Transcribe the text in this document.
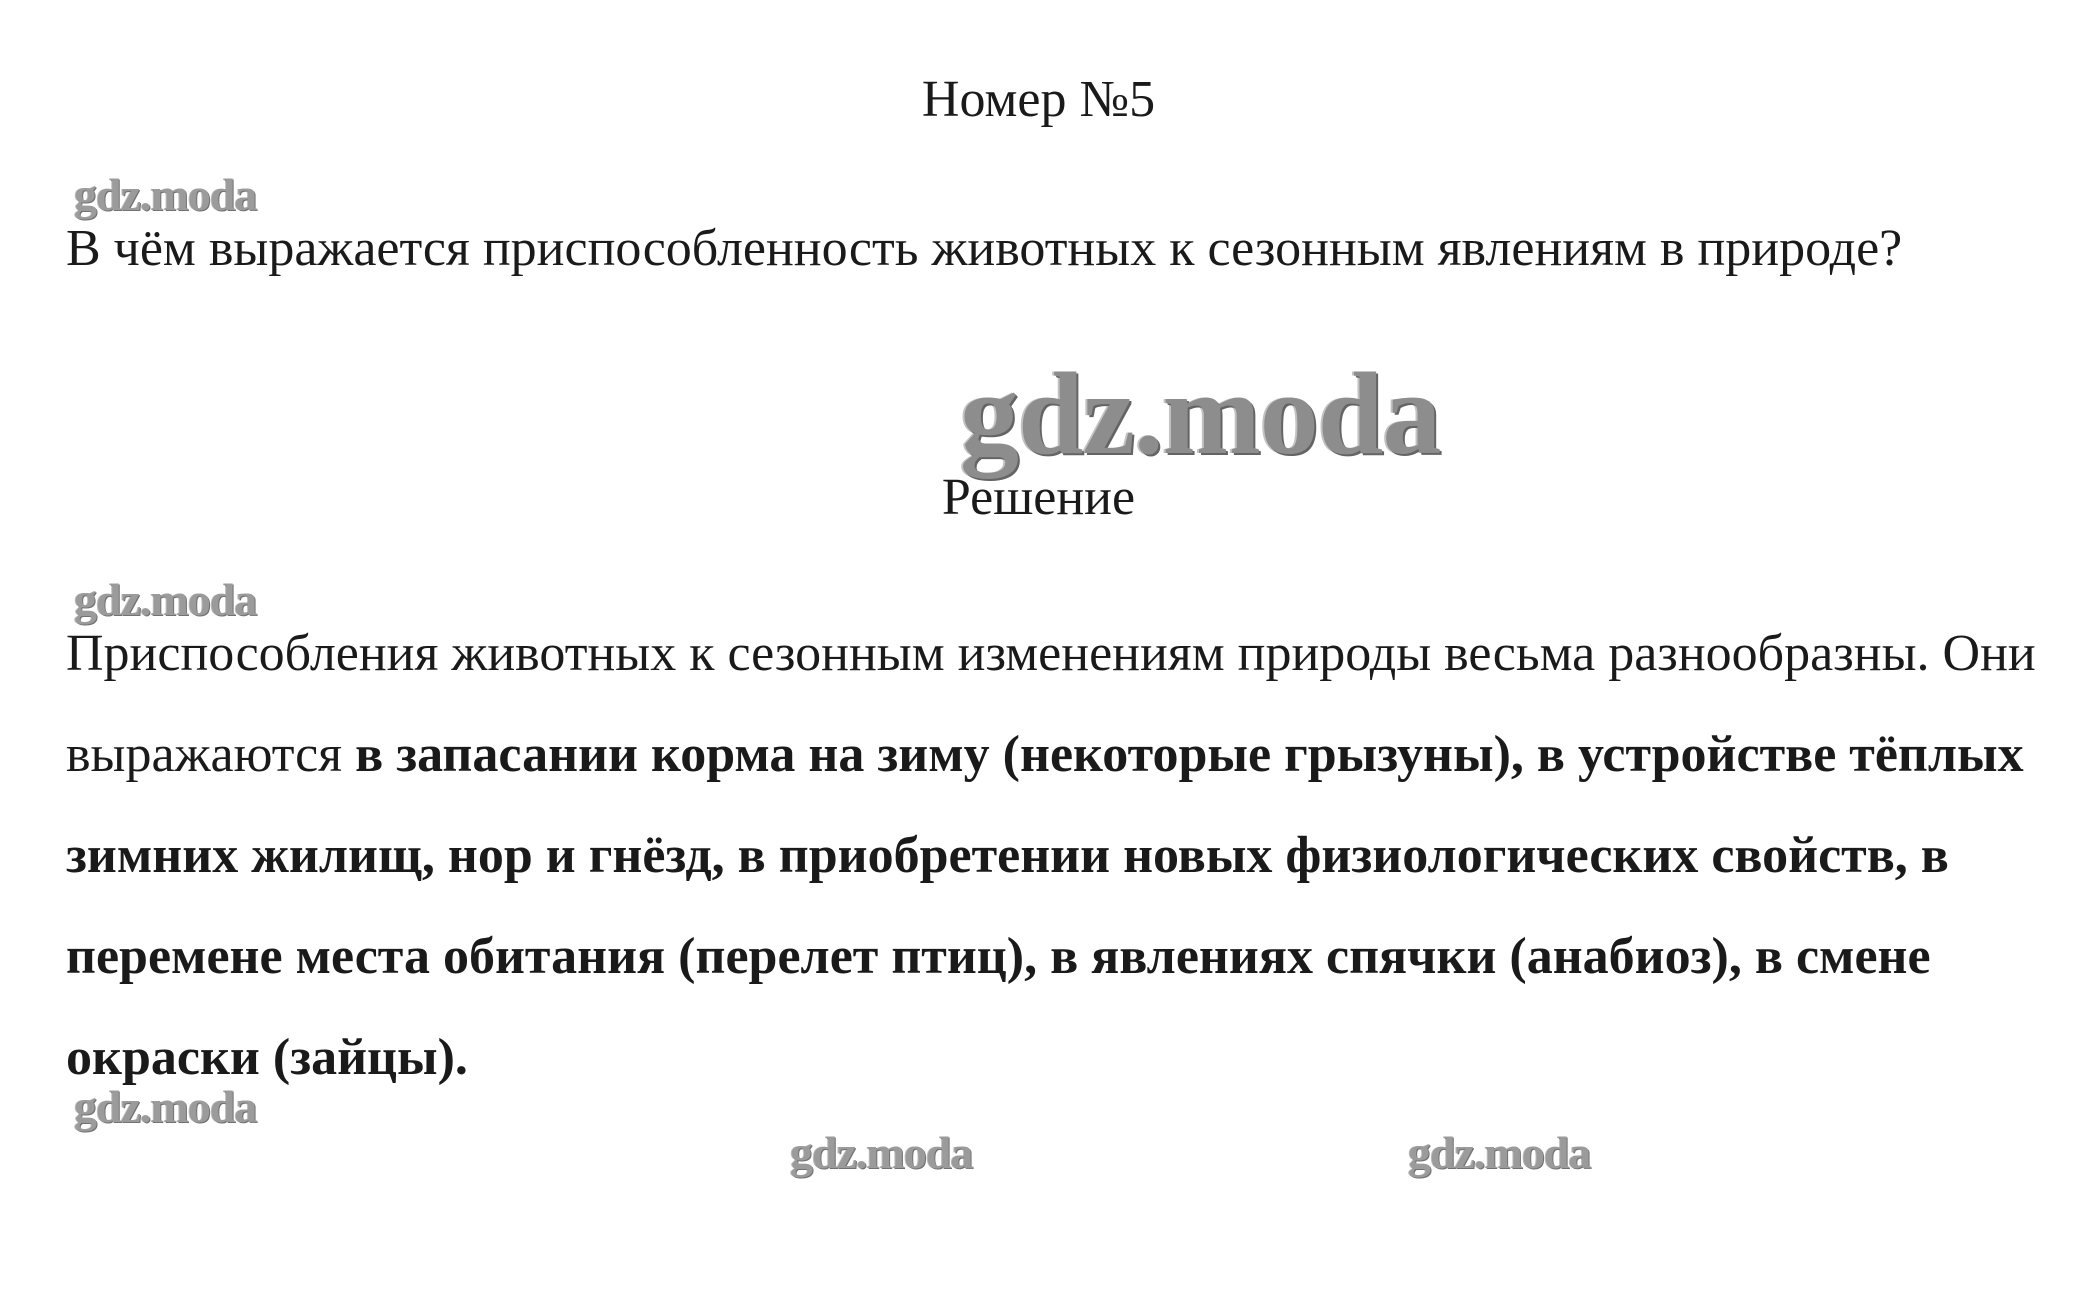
Номер №5
gdz.moda
В чём выражается приспособленность животных к сезонным явлениям в природе?
gdz.moda
Решение
gdz.moda
Приспособления животных к сезонным изменениям природы весьма разнообразны. Они выражаются в запасании корма на зиму (некоторые грызуны), в устройстве тёплых зимних жилищ, нор и гнёзд, в приобретении новых физиологических свойств, в перемене места обитания (перелет птиц), в явлениях спячки (анабиоз), в смене окраски (зайцы).
gdz.moda
gdz.moda	gdz.moda
